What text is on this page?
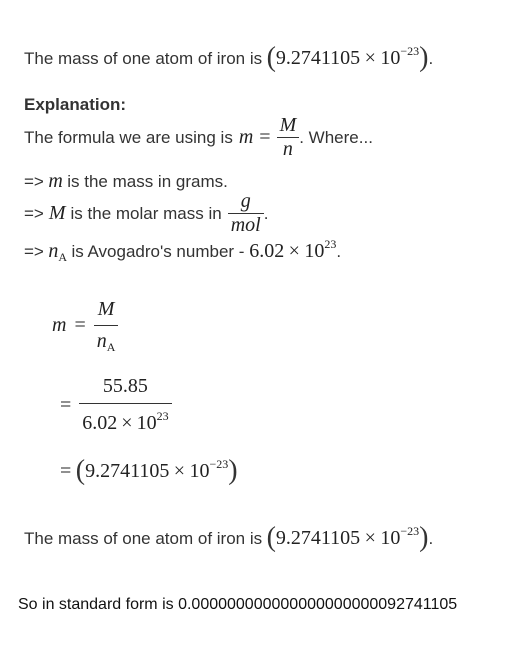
The mass of one atom of iron is $(9.2741105 \times 10^{-23})$.
Explanation:
The formula we are using is $m = \frac{M}{n}$ . Where...
=> m is the mass in grams.
=> M is the molar mass in $\frac{g}{\text{mol}}$ .
=> $n_A$ is Avogadro's number - $6.02 \times 10^{23}$.
$m = \frac{M}{n_A}$
= $\frac{55.85}{6.02 \times 10^{23}}$
= $(9.2741105 \times 10^{-23})$
The mass of one atom of iron is $(9.2741105 \times 10^{-23})$.
So in standard form is 0.000000000000000000000092741105
